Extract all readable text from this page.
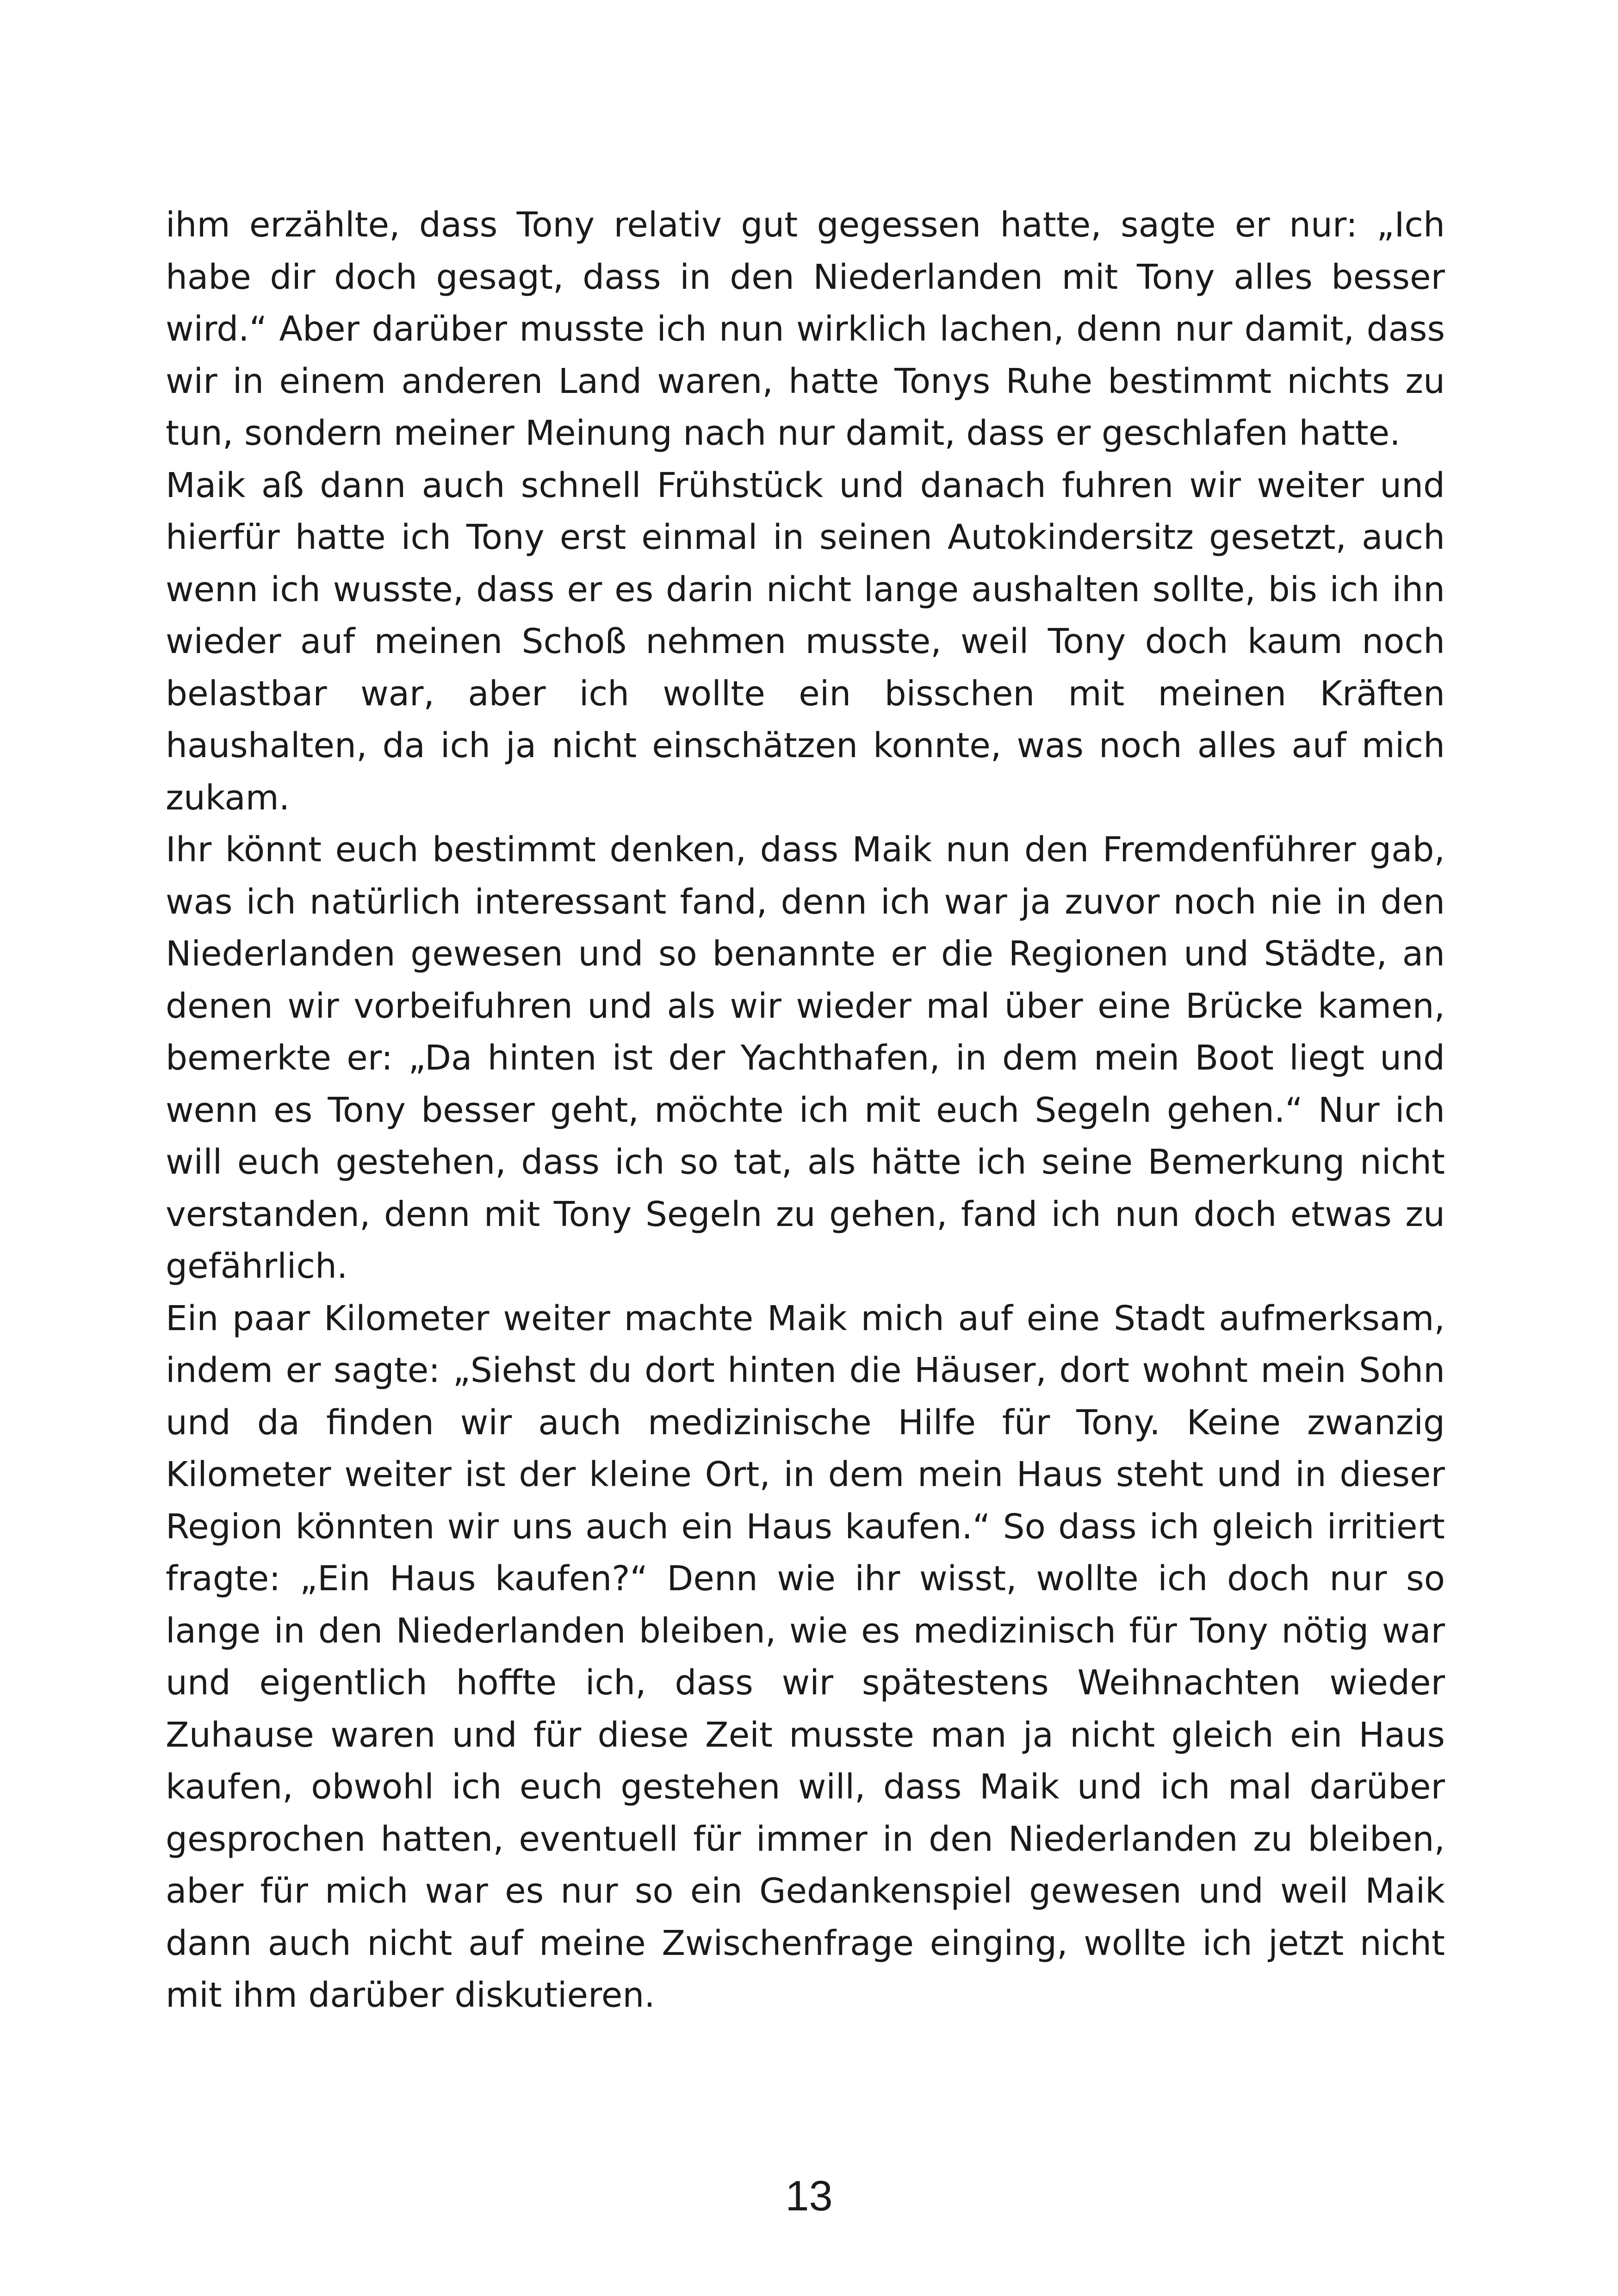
ihm erzählte, dass Tony relativ gut gegessen hatte, sagte er nur: „Ich habe dir doch gesagt, dass in den Niederlanden mit Tony alles besser wird.“ Aber darüber musste ich nun wirklich lachen, denn nur damit, dass wir in einem anderen Land waren, hatte Tonys Ruhe bestimmt nichts zu tun, sondern meiner Meinung nach nur damit, dass er geschlafen hatte.

Maik aß dann auch schnell Frühstück und danach fuhren wir weiter und hierfür hatte ich Tony erst einmal in seinen Autokindersitz gesetzt, auch wenn ich wusste, dass er es darin nicht lange aushalten sollte, bis ich ihn wieder auf meinen Schoß nehmen musste, weil Tony doch kaum noch belastbar war, aber ich wollte ein bisschen mit meinen Kräften haushalten, da ich ja nicht einschätzen konnte, was noch alles auf mich zukam.

Ihr könnt euch bestimmt denken, dass Maik nun den Fremdenführer gab, was ich natürlich interessant fand, denn ich war ja zuvor noch nie in den Niederlanden gewesen und so benannte er die Regionen und Städte, an denen wir vorbeifuhren und als wir wieder mal über eine Brücke kamen, bemerkte er: „Da hinten ist der Yachthafen, in dem mein Boot liegt und wenn es Tony besser geht, möchte ich mit euch Segeln gehen.“ Nur ich will euch gestehen, dass ich so tat, als hätte ich seine Bemerkung nicht verstanden, denn mit Tony Segeln zu gehen, fand ich nun doch etwas zu gefährlich.

Ein paar Kilometer weiter machte Maik mich auf eine Stadt aufmerksam, indem er sagte: „Siehst du dort hinten die Häuser, dort wohnt mein Sohn und da finden wir auch medizinische Hilfe für Tony. Keine zwanzig Kilometer weiter ist der kleine Ort, in dem mein Haus steht und in dieser Region könnten wir uns auch ein Haus kaufen.“ So dass ich gleich irritiert fragte: „Ein Haus kaufen?“ Denn wie ihr wisst, wollte ich doch nur so lange in den Niederlanden bleiben, wie es medizinisch für Tony nötig war und eigentlich hoffte ich, dass wir spätestens Weihnachten wieder Zuhause waren und für diese Zeit musste man ja nicht gleich ein Haus kaufen, obwohl ich euch gestehen will, dass Maik und ich mal darüber gesprochen hatten, eventuell für immer in den Niederlanden zu bleiben, aber für mich war es nur so ein Gedankenspiel gewesen und weil Maik dann auch nicht auf meine Zwischenfrage einging, wollte ich jetzt nicht mit ihm darüber diskutieren.

13
